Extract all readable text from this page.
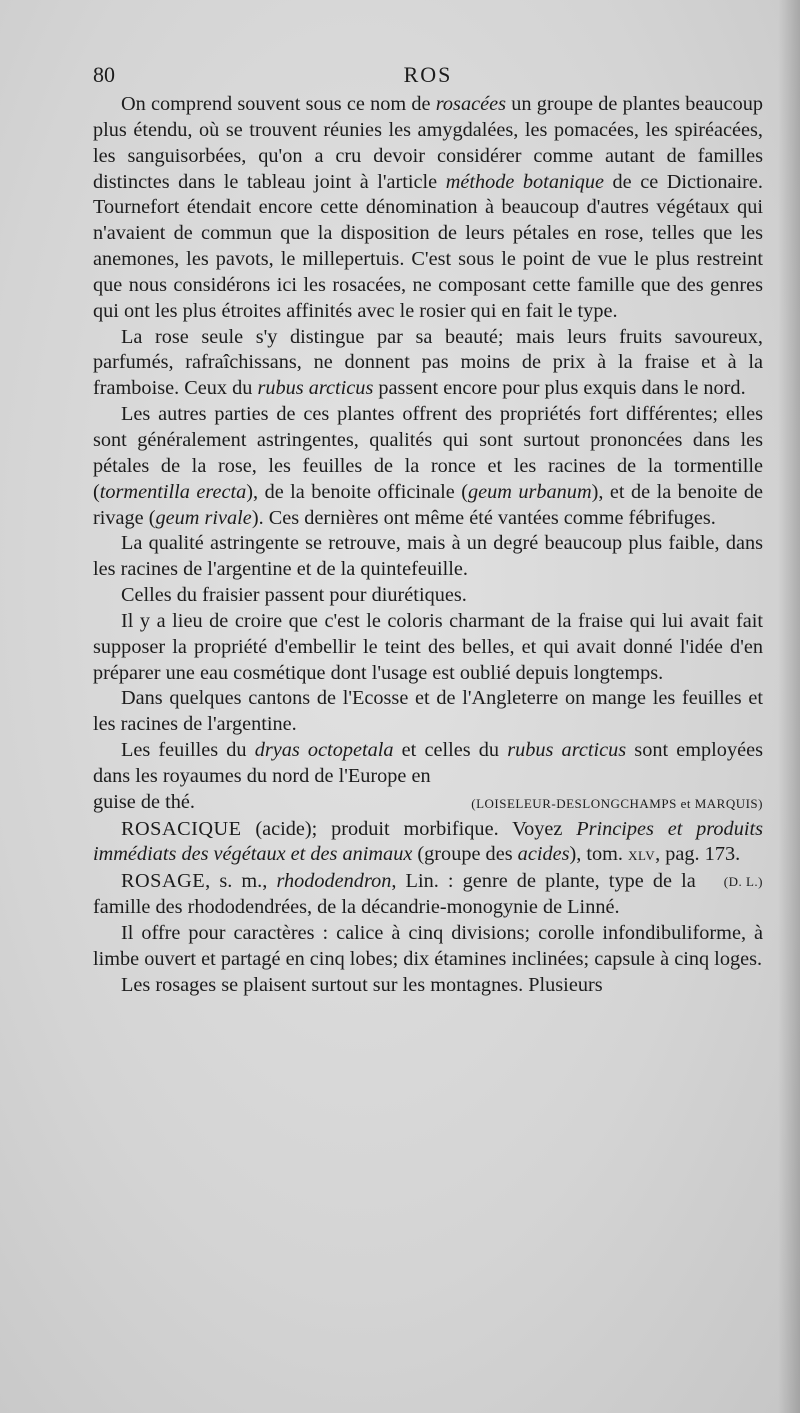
80	ROS

On comprend souvent sous ce nom de rosacées un groupe de plantes beaucoup plus étendu, où se trouvent réunies les amygdalées, les pomacées, les spiréacées, les sanguisorbées, qu'on a cru devoir considérer comme autant de familles distinctes dans le tableau joint à l'article méthode botanique de ce Dictionaire. Tournefort étendait encore cette dénomination à beaucoup d'autres végétaux qui n'avaient de commun que la disposition de leurs pétales en rose, telles que les anemones, les pavots, le millepertuis. C'est sous le point de vue le plus restreint que nous considérons ici les rosacées, ne composant cette famille que des genres qui ont les plus étroites affinités avec le rosier qui en fait le type.

La rose seule s'y distingue par sa beauté; mais leurs fruits savoureux, parfumés, rafraîchissans, ne donnent pas moins de prix à la fraise et à la framboise. Ceux du rubus arcticus passent encore pour plus exquis dans le nord.

Les autres parties de ces plantes offrent des propriétés fort différentes; elles sont généralement astringentes, qualités qui sont surtout prononcées dans les pétales de la rose, les feuilles de la ronce et les racines de la tormentille (tormentilla erecta), de la benoite officinale (geum urbanum), et de la benoite de rivage (geum rivale). Ces dernières ont même été vantées comme fébrifuges.

La qualité astringente se retrouve, mais à un degré beaucoup plus faible, dans les racines de l'argentine et de la quintefeuille.

Celles du fraisier passent pour diurétiques.

Il y a lieu de croire que c'est le coloris charmant de la fraise qui lui avait fait supposer la propriété d'embellir le teint des belles, et qui avait donné l'idée d'en préparer une eau cosmétique dont l'usage est oublié depuis longtemps.

Dans quelques cantons de l'Ecosse et de l'Angleterre on mange les feuilles et les racines de l'argentine.

Les feuilles du dryas octopetala et celles du rubus arcticus sont employées dans les royaumes du nord de l'Europe en

guise de thé.	(LOISELEUR-DESLONGCHAMPS et MARQUIS)

ROSACIQUE (acide); produit morbifique. Voyez Principes et produits immédiats des végétaux et des animaux (groupe des acides), tom. XLV, pag. 173.
(D. L.)

ROSAGE, s. m., rhododendron, Lin. : genre de plante, type de la famille des rhododendrées, de la décandrie-monogynie de Linné.

Il offre pour caractères : calice à cinq divisions; corolle infondibuliforme, à limbe ouvert et partagé en cinq lobes; dix étamines inclinées; capsule à cinq loges.

Les rosages se plaisent surtout sur les montagnes. Plusieurs
